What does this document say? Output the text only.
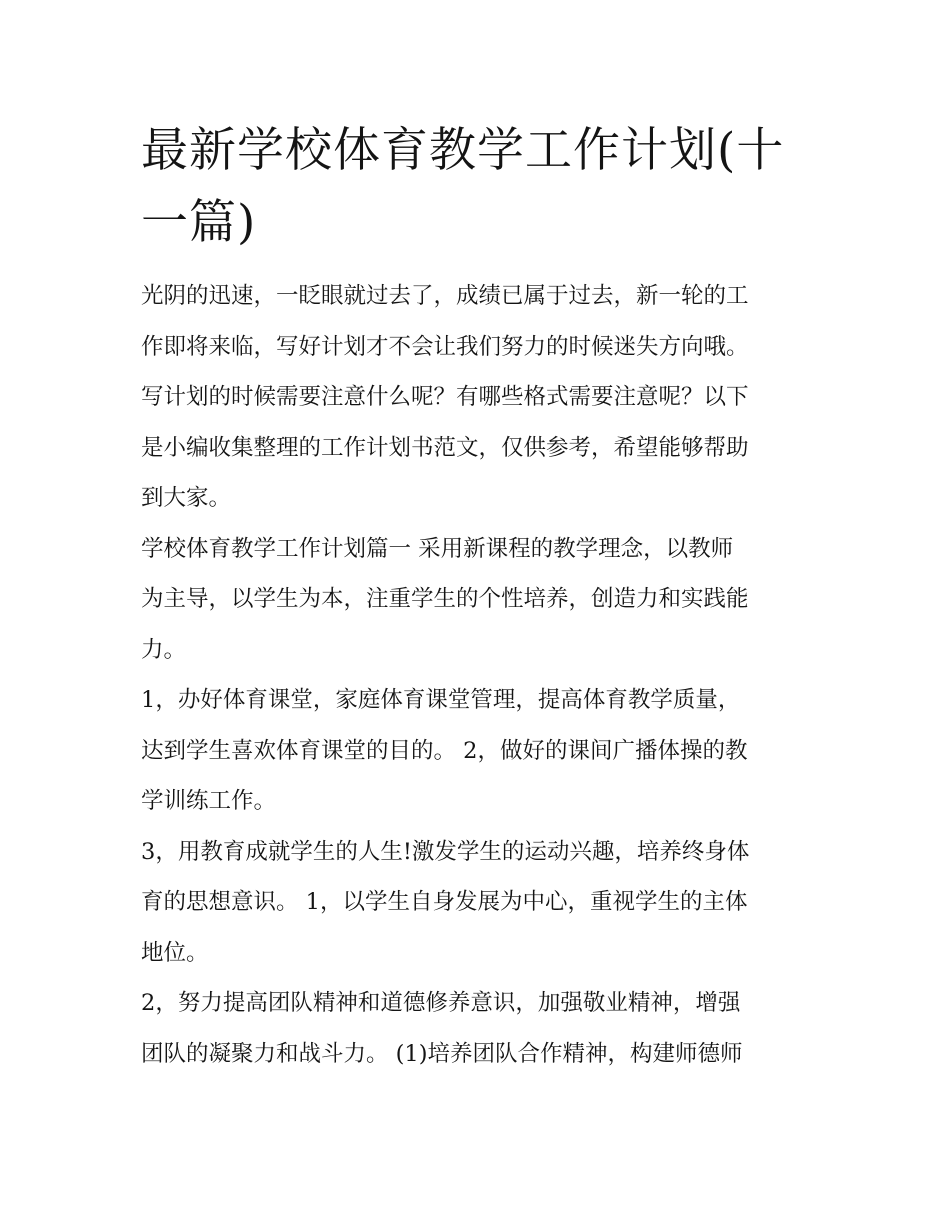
最新学校体育教学工作计划(十
一篇)

光阴的迅速，一眨眼就过去了，成绩已属于过去，新一轮的工
作即将来临，写好计划才不会让我们努力的时候迷失方向哦。
写计划的时候需要注意什么呢？有哪些格式需要注意呢？以下
是小编收集整理的工作计划书范文，仅供参考，希望能够帮助
到大家。

学校体育教学工作计划篇一 采用新课程的教学理念，以教师
为主导，以学生为本，注重学生的个性培养，创造力和实践能
力。

1，办好体育课堂，家庭体育课堂管理，提高体育教学质量，
达到学生喜欢体育课堂的目的。 2，做好的课间广播体操的教
学训练工作。

3，用教育成就学生的人生!激发学生的运动兴趣，培养终身体
育的思想意识。 1，以学生自身发展为中心，重视学生的主体
地位。

2，努力提高团队精神和道德修养意识，加强敬业精神，增强
团队的凝聚力和战斗力。 (1)培养团队合作精神，构建师德师
